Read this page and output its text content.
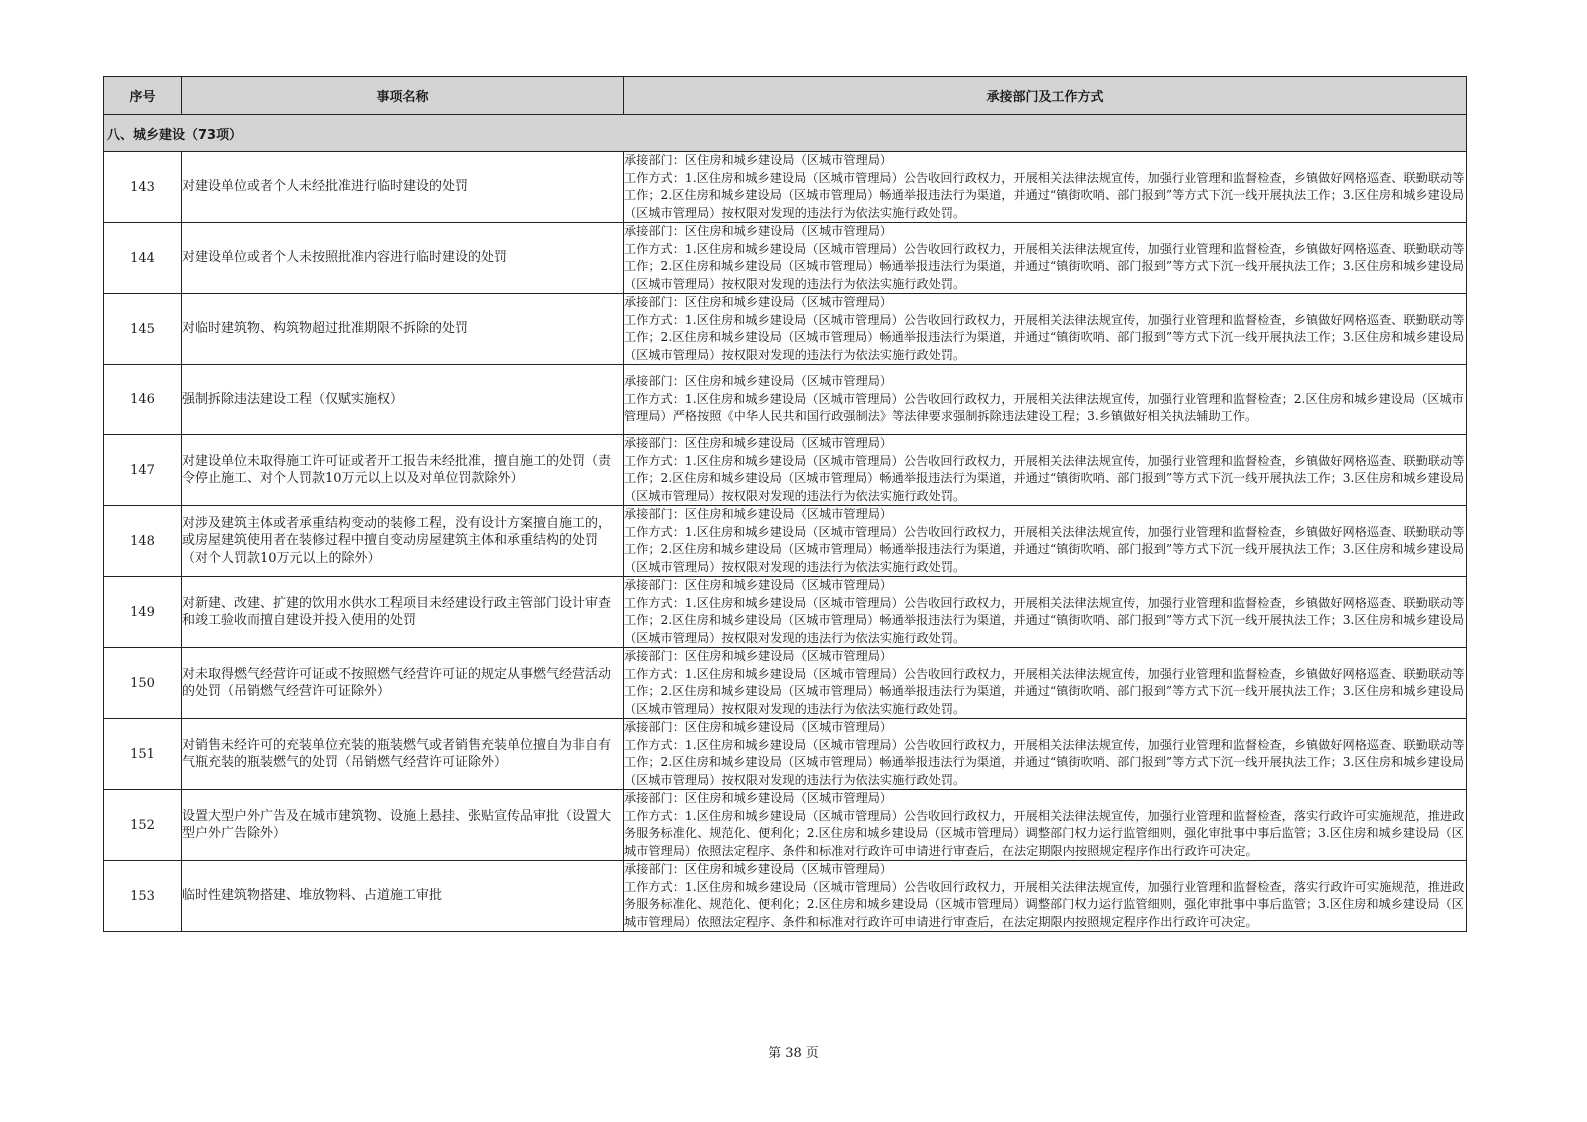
序号	事项名称	承接部门及工作方式
八、城乡建设（73项）		
143	对建设单位或者个人未经批准进行临时建设的处罚	承接部门：区住房和城乡建设局（区城市管理局）
工作方式：1.区住房和城乡建设局（区城市管理局）公告收回行政权力，开展相关法律法规宣传，加强行业管理和监督检查，乡镇做好网格巡查、联勤联动等工作；2.区住房和城乡建设局（区城市管理局）畅通举报违法行为渠道，并通过“镇街吹哨、部门报到”等方式下沉一线开展执法工作；3.区住房和城乡建设局（区城市管理局）按权限对发现的违法行为依法实施行政处罚。

144	对建设单位或者个人未按照批准内容进行临时建设的处罚	承接部门：区住房和城乡建设局（区城市管理局）
工作方式：1.区住房和城乡建设局（区城市管理局）公告收回行政权力，开展相关法律法规宣传，加强行业管理和监督检查，乡镇做好网格巡查、联勤联动等工作；2.区住房和城乡建设局（区城市管理局）畅通举报违法行为渠道，并通过“镇街吹哨、部门报到”等方式下沉一线开展执法工作；3.区住房和城乡建设局（区城市管理局）按权限对发现的违法行为依法实施行政处罚。

145	对临时建筑物、构筑物超过批准期限不拆除的处罚	承接部门：区住房和城乡建设局（区城市管理局）
工作方式：1.区住房和城乡建设局（区城市管理局）公告收回行政权力，开展相关法律法规宣传，加强行业管理和监督检查，乡镇做好网格巡查、联勤联动等工作；2.区住房和城乡建设局（区城市管理局）畅通举报违法行为渠道，并通过“镇街吹哨、部门报到”等方式下沉一线开展执法工作；3.区住房和城乡建设局（区城市管理局）按权限对发现的违法行为依法实施行政处罚。

146	强制拆除违法建设工程（仅赋实施权）	承接部门：区住房和城乡建设局（区城市管理局）
工作方式：1.区住房和城乡建设局（区城市管理局）公告收回行政权力，开展相关法律法规宣传，加强行业管理和监督检查；2.区住房和城乡建设局（区城市管理局）严格按照《中华人民共和国行政强制法》等法律要求强制拆除违法建设工程；3.乡镇做好相关执法辅助工作。

147	对建设单位未取得施工许可证或者开工报告未经批准，擅自施工的处罚（责令停止施工、对个人罚款10万元以上以及对单位罚款除外）	承接部门：区住房和城乡建设局（区城市管理局）
工作方式：1.区住房和城乡建设局（区城市管理局）公告收回行政权力，开展相关法律法规宣传，加强行业管理和监督检查，乡镇做好网格巡查、联勤联动等工作；2.区住房和城乡建设局（区城市管理局）畅通举报违法行为渠道，并通过“镇街吹哨、部门报到”等方式下沉一线开展执法工作；3.区住房和城乡建设局（区城市管理局）按权限对发现的违法行为依法实施行政处罚。

148	对涉及建筑主体或者承重结构变动的装修工程，没有设计方案擅自施工的，或房屋建筑使用者在装修过程中擅自变动房屋建筑主体和承重结构的处罚（对个人罚款10万元以上的除外）	承接部门：区住房和城乡建设局（区城市管理局）
工作方式：1.区住房和城乡建设局（区城市管理局）公告收回行政权力，开展相关法律法规宣传，加强行业管理和监督检查，乡镇做好网格巡查、联勤联动等工作；2.区住房和城乡建设局（区城市管理局）畅通举报违法行为渠道，并通过“镇街吹哨、部门报到”等方式下沉一线开展执法工作；3.区住房和城乡建设局（区城市管理局）按权限对发现的违法行为依法实施行政处罚。

149	对新建、改建、扩建的饮用水供水工程项目未经建设行政主管部门设计审查和竣工验收而擅自建设并投入使用的处罚	承接部门：区住房和城乡建设局（区城市管理局）
工作方式：1.区住房和城乡建设局（区城市管理局）公告收回行政权力，开展相关法律法规宣传，加强行业管理和监督检查，乡镇做好网格巡查、联勤联动等工作；2.区住房和城乡建设局（区城市管理局）畅通举报违法行为渠道，并通过“镇街吹哨、部门报到”等方式下沉一线开展执法工作；3.区住房和城乡建设局（区城市管理局）按权限对发现的违法行为依法实施行政处罚。

150	对未取得燃气经营许可证或不按照燃气经营许可证的规定从事燃气经营活动的处罚（吊销燃气经营许可证除外）	承接部门：区住房和城乡建设局（区城市管理局）
工作方式：1.区住房和城乡建设局（区城市管理局）公告收回行政权力，开展相关法律法规宣传，加强行业管理和监督检查，乡镇做好网格巡查、联勤联动等工作；2.区住房和城乡建设局（区城市管理局）畅通举报违法行为渠道，并通过“镇街吹哨、部门报到”等方式下沉一线开展执法工作；3.区住房和城乡建设局（区城市管理局）按权限对发现的违法行为依法实施行政处罚。

151	对销售未经许可的充装单位充装的瓶装燃气或者销售充装单位擅自为非自有气瓶充装的瓶装燃气的处罚（吊销燃气经营许可证除外）	承接部门：区住房和城乡建设局（区城市管理局）
工作方式：1.区住房和城乡建设局（区城市管理局）公告收回行政权力，开展相关法律法规宣传，加强行业管理和监督检查，乡镇做好网格巡查、联勤联动等工作；2.区住房和城乡建设局（区城市管理局）畅通举报违法行为渠道，并通过“镇街吹哨、部门报到”等方式下沉一线开展执法工作；3.区住房和城乡建设局（区城市管理局）按权限对发现的违法行为依法实施行政处罚。

152	设置大型户外广告及在城市建筑物、设施上悬挂、张贴宣传品审批（设置大型户外广告除外）	承接部门：区住房和城乡建设局（区城市管理局）
工作方式：1.区住房和城乡建设局（区城市管理局）公告收回行政权力，开展相关法律法规宣传，加强行业管理和监督检查，落实行政许可实施规范，推进政务服务标准化、规范化、便利化；2.区住房和城乡建设局（区城市管理局）调整部门权力运行监管细则，强化审批事中事后监管；3.区住房和城乡建设局（区城市管理局）依照法定程序、条件和标准对行政许可申请进行审查后，在法定期限内按照规定程序作出行政许可决定。

153	临时性建筑物搭建、堆放物料、占道施工审批	承接部门：区住房和城乡建设局（区城市管理局）
工作方式：1.区住房和城乡建设局（区城市管理局）公告收回行政权力，开展相关法律法规宣传，加强行业管理和监督检查，落实行政许可实施规范，推进政务服务标准化、规范化、便利化；2.区住房和城乡建设局（区城市管理局）调整部门权力运行监管细则，强化审批事中事后监管；3.区住房和城乡建设局（区城市管理局）依照法定程序、条件和标准对行政许可申请进行审查后，在法定期限内按照规定程序作出行政许可决定。
第 38 页
